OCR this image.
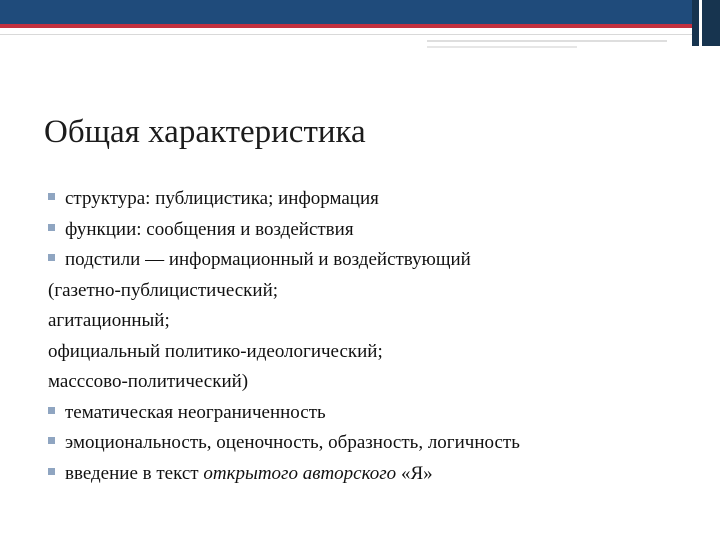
Общая характеристика
структура: публицистика; информация
функции: сообщения и воздействия
подстили — информационный и воздействующий
(газетно-публицистический;
агитационный;
официальный политико-идеологический;
масссово-политический)
тематическая неограниченность
эмоциональность, оценочность, образность, логичность
введение в текст открытого авторского «Я»
